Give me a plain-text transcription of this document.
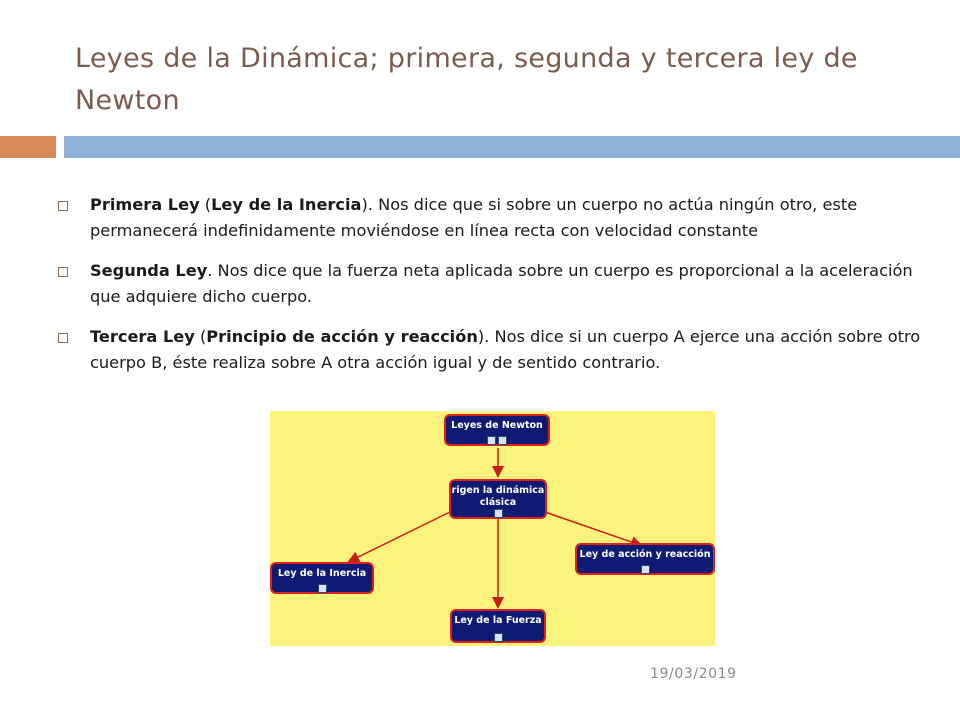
Leyes de la Dinámica; primera, segunda y tercera ley de Newton
Primera Ley (Ley de la Inercia). Nos dice que si sobre un cuerpo no actúa ningún otro, este permanecerá indefinidamente moviéndose en línea recta con velocidad constante
Segunda Ley. Nos dice que la fuerza neta aplicada sobre un cuerpo es proporcional a la aceleración que adquiere dicho cuerpo.
Tercera Ley (Principio de acción y reacción). Nos dice si un cuerpo A ejerce una acción sobre otro cuerpo B, éste realiza sobre A otra acción igual y de sentido contrario.
Leyes de Newton
rigen la dinámica clásica
Ley de la Inercia
Ley de la Fuerza
Ley de acción y reacción
19/03/2019
